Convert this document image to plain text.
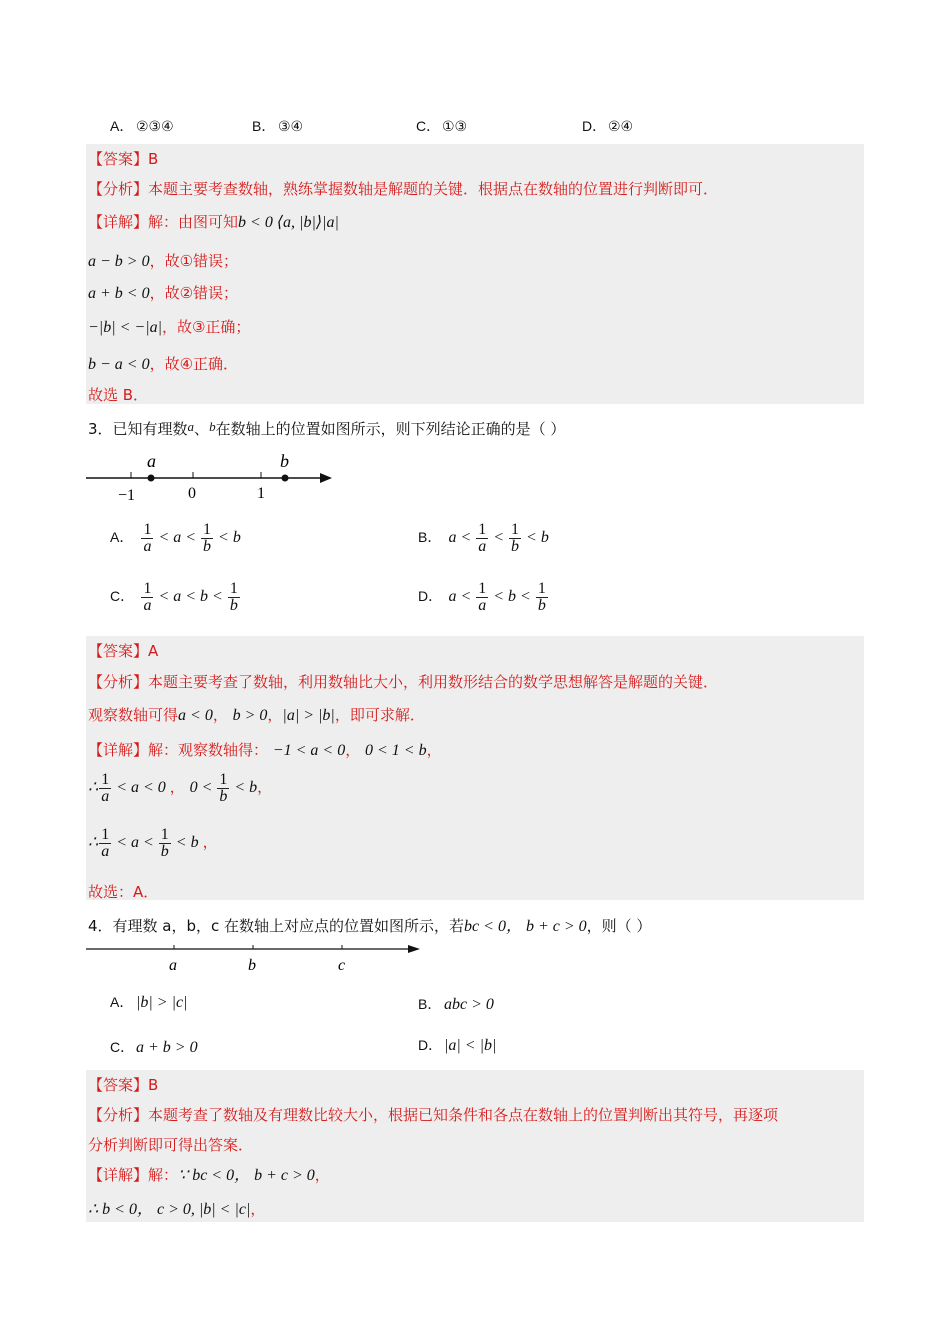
A． ②③④	B． ③④	C． ①③	D． ②④
【答案】B
【分析】本题主要考查数轴，熟练掌握数轴是解题的关键．根据点在数轴的位置进行判断即可．
【详解】解：由图可知b < 0 ⟨a, |b|⟩|a|
a − b > 0，故①错误；
a + b < 0，故②错误；
−|b| < −|a|，故③正确；
b − a < 0，故④正确．
故选 B．
3．已知有理数a、b在数轴上的位置如图所示，则下列结论正确的是（ ）
a	b
−1	0	1
A． $\frac{1}{a} < a < \frac{1}{b} < b$	B． $a < \frac{1}{a} < \frac{1}{b} < b$
C． $\frac{1}{a} < a < b < \frac{1}{b}$	D． $a < \frac{1}{a} < b < \frac{1}{b}$
【答案】A
【分析】本题主要考查了数轴，利用数轴比大小，利用数形结合的数学思想解答是解题的关键．
观察数轴可得a < 0， b > 0，|a| > |b|，即可求解．
【详解】解：观察数轴得： −1 < a < 0， 0 < 1 < b，
∴ $\frac{1}{a} < a < 0$ ， $0 < \frac{1}{b} < b$，
∴ $\frac{1}{a} < a < \frac{1}{b} < b$ ，
故选：A．
4．有理数 a，b，c 在数轴上对应点的位置如图所示，若bc < 0， b + c > 0，则（ ）
a	b	c
A． |b| > |c|	B． abc > 0
C． a + b > 0	D． |a| < |b|
【答案】B
【分析】本题考查了数轴及有理数比较大小，根据已知条件和各点在数轴上的位置判断出其符号，再逐项
分析判断即可得出答案．
【详解】解：∵ bc < 0， b + c > 0，
∴ b < 0， c > 0, |b| < |c|，
